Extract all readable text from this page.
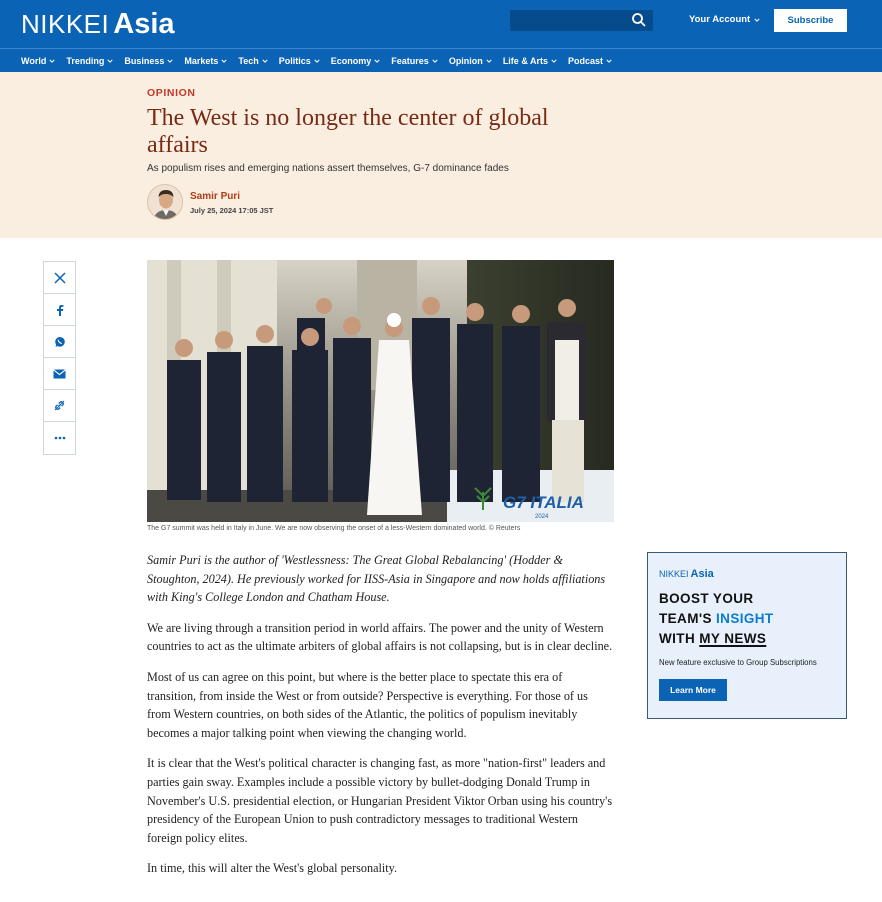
NIKKEI Asia	Your Account	Subscribe
World Trending Business Markets Tech Politics Economy Features Opinion Life & Arts Podcast
OPINION
The West is no longer the center of global affairs
As populism rises and emerging nations assert themselves, G-7 dominance fades
Samir Puri
July 25, 2024 17:05 JST
G7 ITALIA
2024
The G7 summit was held in Italy in June. We are now observing the onset of a less-Western dominated world. © Reuters

Samir Puri is the author of 'Westlessness: The Great Global Rebalancing' (Hodder & Stoughton, 2024). He previously worked for IISS-Asia in Singapore and now holds affiliations with King's College London and Chatham House.

We are living through a transition period in world affairs. The power and the unity of Western countries to act as the ultimate arbiters of global affairs is not collapsing, but is in clear decline.

Most of us can agree on this point, but where is the better place to spectate this era of transition, from inside the West or from outside? Perspective is everything. For those of us from Western countries, on both sides of the Atlantic, the politics of populism inevitably becomes a major talking point when viewing the changing world.

It is clear that the West's political character is changing fast, as more "nation-first" leaders and parties gain sway. Examples include a possible victory by bullet-dodging Donald Trump in November's U.S. presidential election, or Hungarian President Viktor Orban using his country's presidency of the European Union to push contradictory messages to traditional Western foreign policy elites.

In time, this will alter the West's global personality.

NIKKEI Asia
BOOST YOUR
TEAM'S INSIGHT
WITH MY NEWS
New feature exclusive to Group Subscriptions
Learn More
